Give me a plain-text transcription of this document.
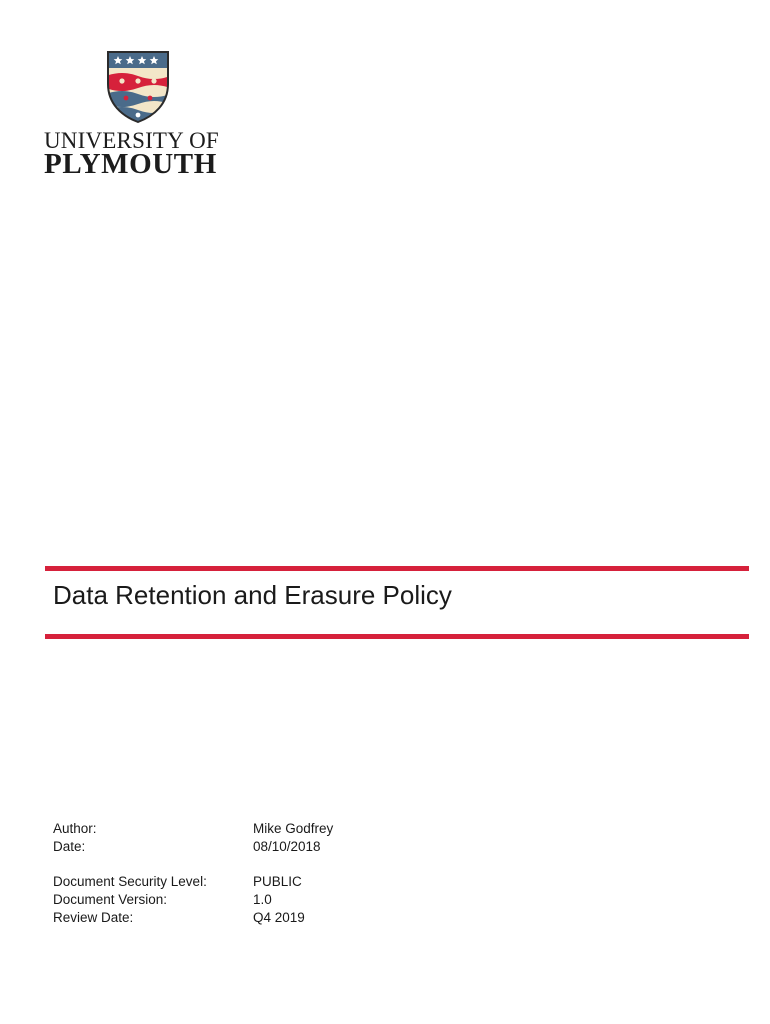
UNIVERSITY OF
PLYMOUTH
Data Retention and Erasure Policy
Author:	Mike Godfrey
Date:	08/10/2018
Document Security Level:	PUBLIC
Document Version:	1.0
Review Date:	Q4 2019
